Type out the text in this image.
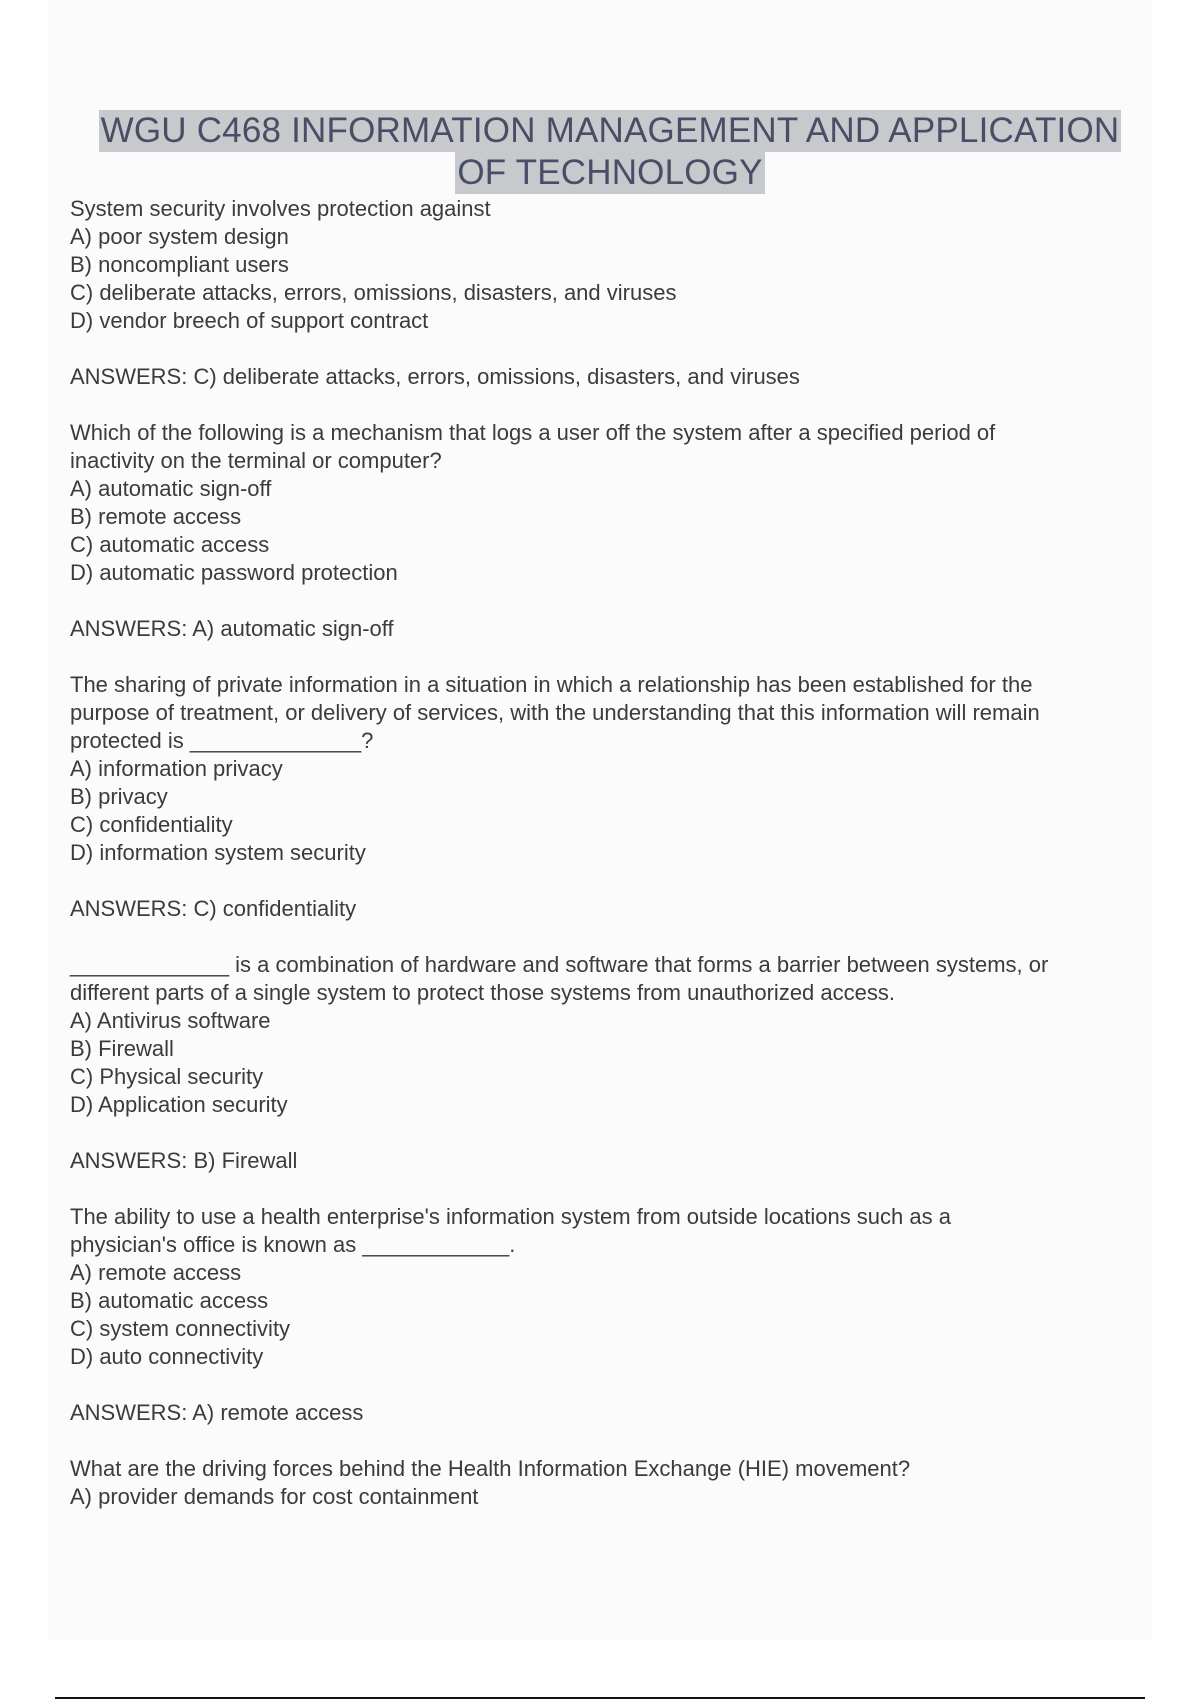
WGU C468 INFORMATION MANAGEMENT AND APPLICATION
OF TECHNOLOGY
System security involves protection against
A) poor system design
B) noncompliant users
C) deliberate attacks, errors, omissions, disasters, and viruses
D) vendor breech of support contract
ANSWERS: C) deliberate attacks, errors, omissions, disasters, and viruses
Which of the following is a mechanism that logs a user off the system after a specified period of
inactivity on the terminal or computer?
A) automatic sign-off
B) remote access
C) automatic access
D) automatic password protection
ANSWERS: A) automatic sign-off
The sharing of private information in a situation in which a relationship has been established for the
purpose of treatment, or delivery of services, with the understanding that this information will remain
protected is ______________?
A) information privacy
B) privacy
C) confidentiality
D) information system security
ANSWERS: C) confidentiality
_____________ is a combination of hardware and software that forms a barrier between systems, or
different parts of a single system to protect those systems from unauthorized access.
A) Antivirus software
B) Firewall
C) Physical security
D) Application security
ANSWERS: B) Firewall
The ability to use a health enterprise's information system from outside locations such as a
physician's office is known as ____________.
A) remote access
B) automatic access
C) system connectivity
D) auto connectivity
ANSWERS: A) remote access
What are the driving forces behind the Health Information Exchange (HIE) movement?
A) provider demands for cost containment
